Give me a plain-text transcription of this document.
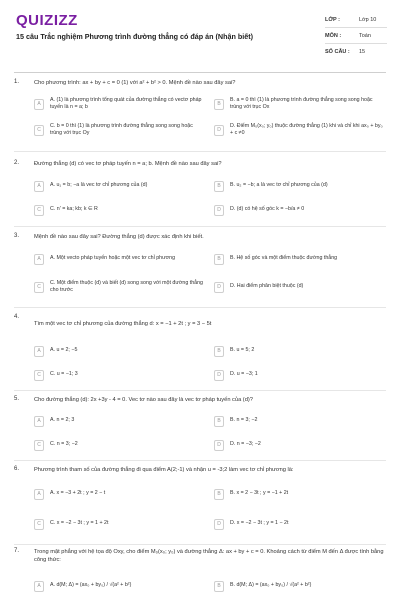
QUIZIZZ
15 câu Trắc nghiệm Phương trình đường thẳng có đáp án (Nhận biết)
LỚP :	Lớp 10
MÔN :	Toán
SỐ CÂU :	15
1.	Cho phương trình: ax + by + c = 0 (1) với a² + b² > 0. Mệnh đề nào sau đây sai?
A
A. (1) là phương trình tổng quát của đường thẳng có vectơ pháp tuyến là n = a; b	B
B. a = 0 thì (1) là phương trình đường thẳng song song hoặc trùng với trục Ox
C
C. b = 0 thì (1) là phương trình đường thẳng song song hoặc trùng với trục Oy	D
D. Điểm M₀(x₀; y₀) thuộc đường thẳng (1) khi và chỉ khi ax₀ + by₀ + c ≠0
2.	Đường thẳng (d) có vec tơ pháp tuyến n = a; b. Mệnh đề nào sau đây sai?
A	A. u₁ = b; −a là vec tơ chỉ phương của (d)	B	B. u₂ = −b; a là vec tơ chỉ phương của (d)
C	C. n' = ka; kb; k ∈ R	D	D. (d) có hệ số góc k = −b/a ≠ 0
3.	Mệnh đề nào sau đây sai? Đường thẳng (d) được xác định khi biết.
A	A. Một vecto pháp tuyến hoặc một vec tơ chỉ phương	B	B. Hệ số góc và một điểm thuộc đường thẳng
C
C. Một điểm thuộc (d) và biết (d) song song với một đường thẳng cho trước	D	D. Hai điểm phân biệt thuộc (d)
4.
Tìm một vec tơ chỉ phương của đường thẳng d: x = −1 + 2t ; y = 3 − 5t
A	A. u = 2; −5	B	B. u = 5; 2
C	C. u = −1; 3	D	D. u = −3; 1
5.	Cho đường thẳng (d): 2x +3y - 4 = 0. Vec tơ nào sau đây là vec tơ pháp tuyến của (d)?
A	A. n = 2; 3	B	B. n = 3; −2
C	C. n = 3; −2	D	D. n = −3; −2
6.	Phương trình tham số của đường thẳng đi qua điểm A(2;-1) và nhận u = -3;2 làm vec tơ chỉ phương là:
A	A. x = −3 + 2t ; y = 2 − t	B	B. x = 2 − 3t ; y = −1 + 2t
C	C. x = −2 − 3t ; y = 1 + 2t	D	D. x = −2 − 3t ; y = 1 − 2t
7.	Trong mặt phẳng với hệ tọa độ Oxy, cho điểm M₀(x₀; y₀) và đường thẳng Δ: ax + by + c = 0. Khoảng cách từ điểm M đến Δ được tính bằng công thức:
A	A. d(M; Δ) = (ax₀ + by₀) / √(a² + b²)	B	B. d(M; Δ) = (ax₀ + by₀) / √(a² + b²)
